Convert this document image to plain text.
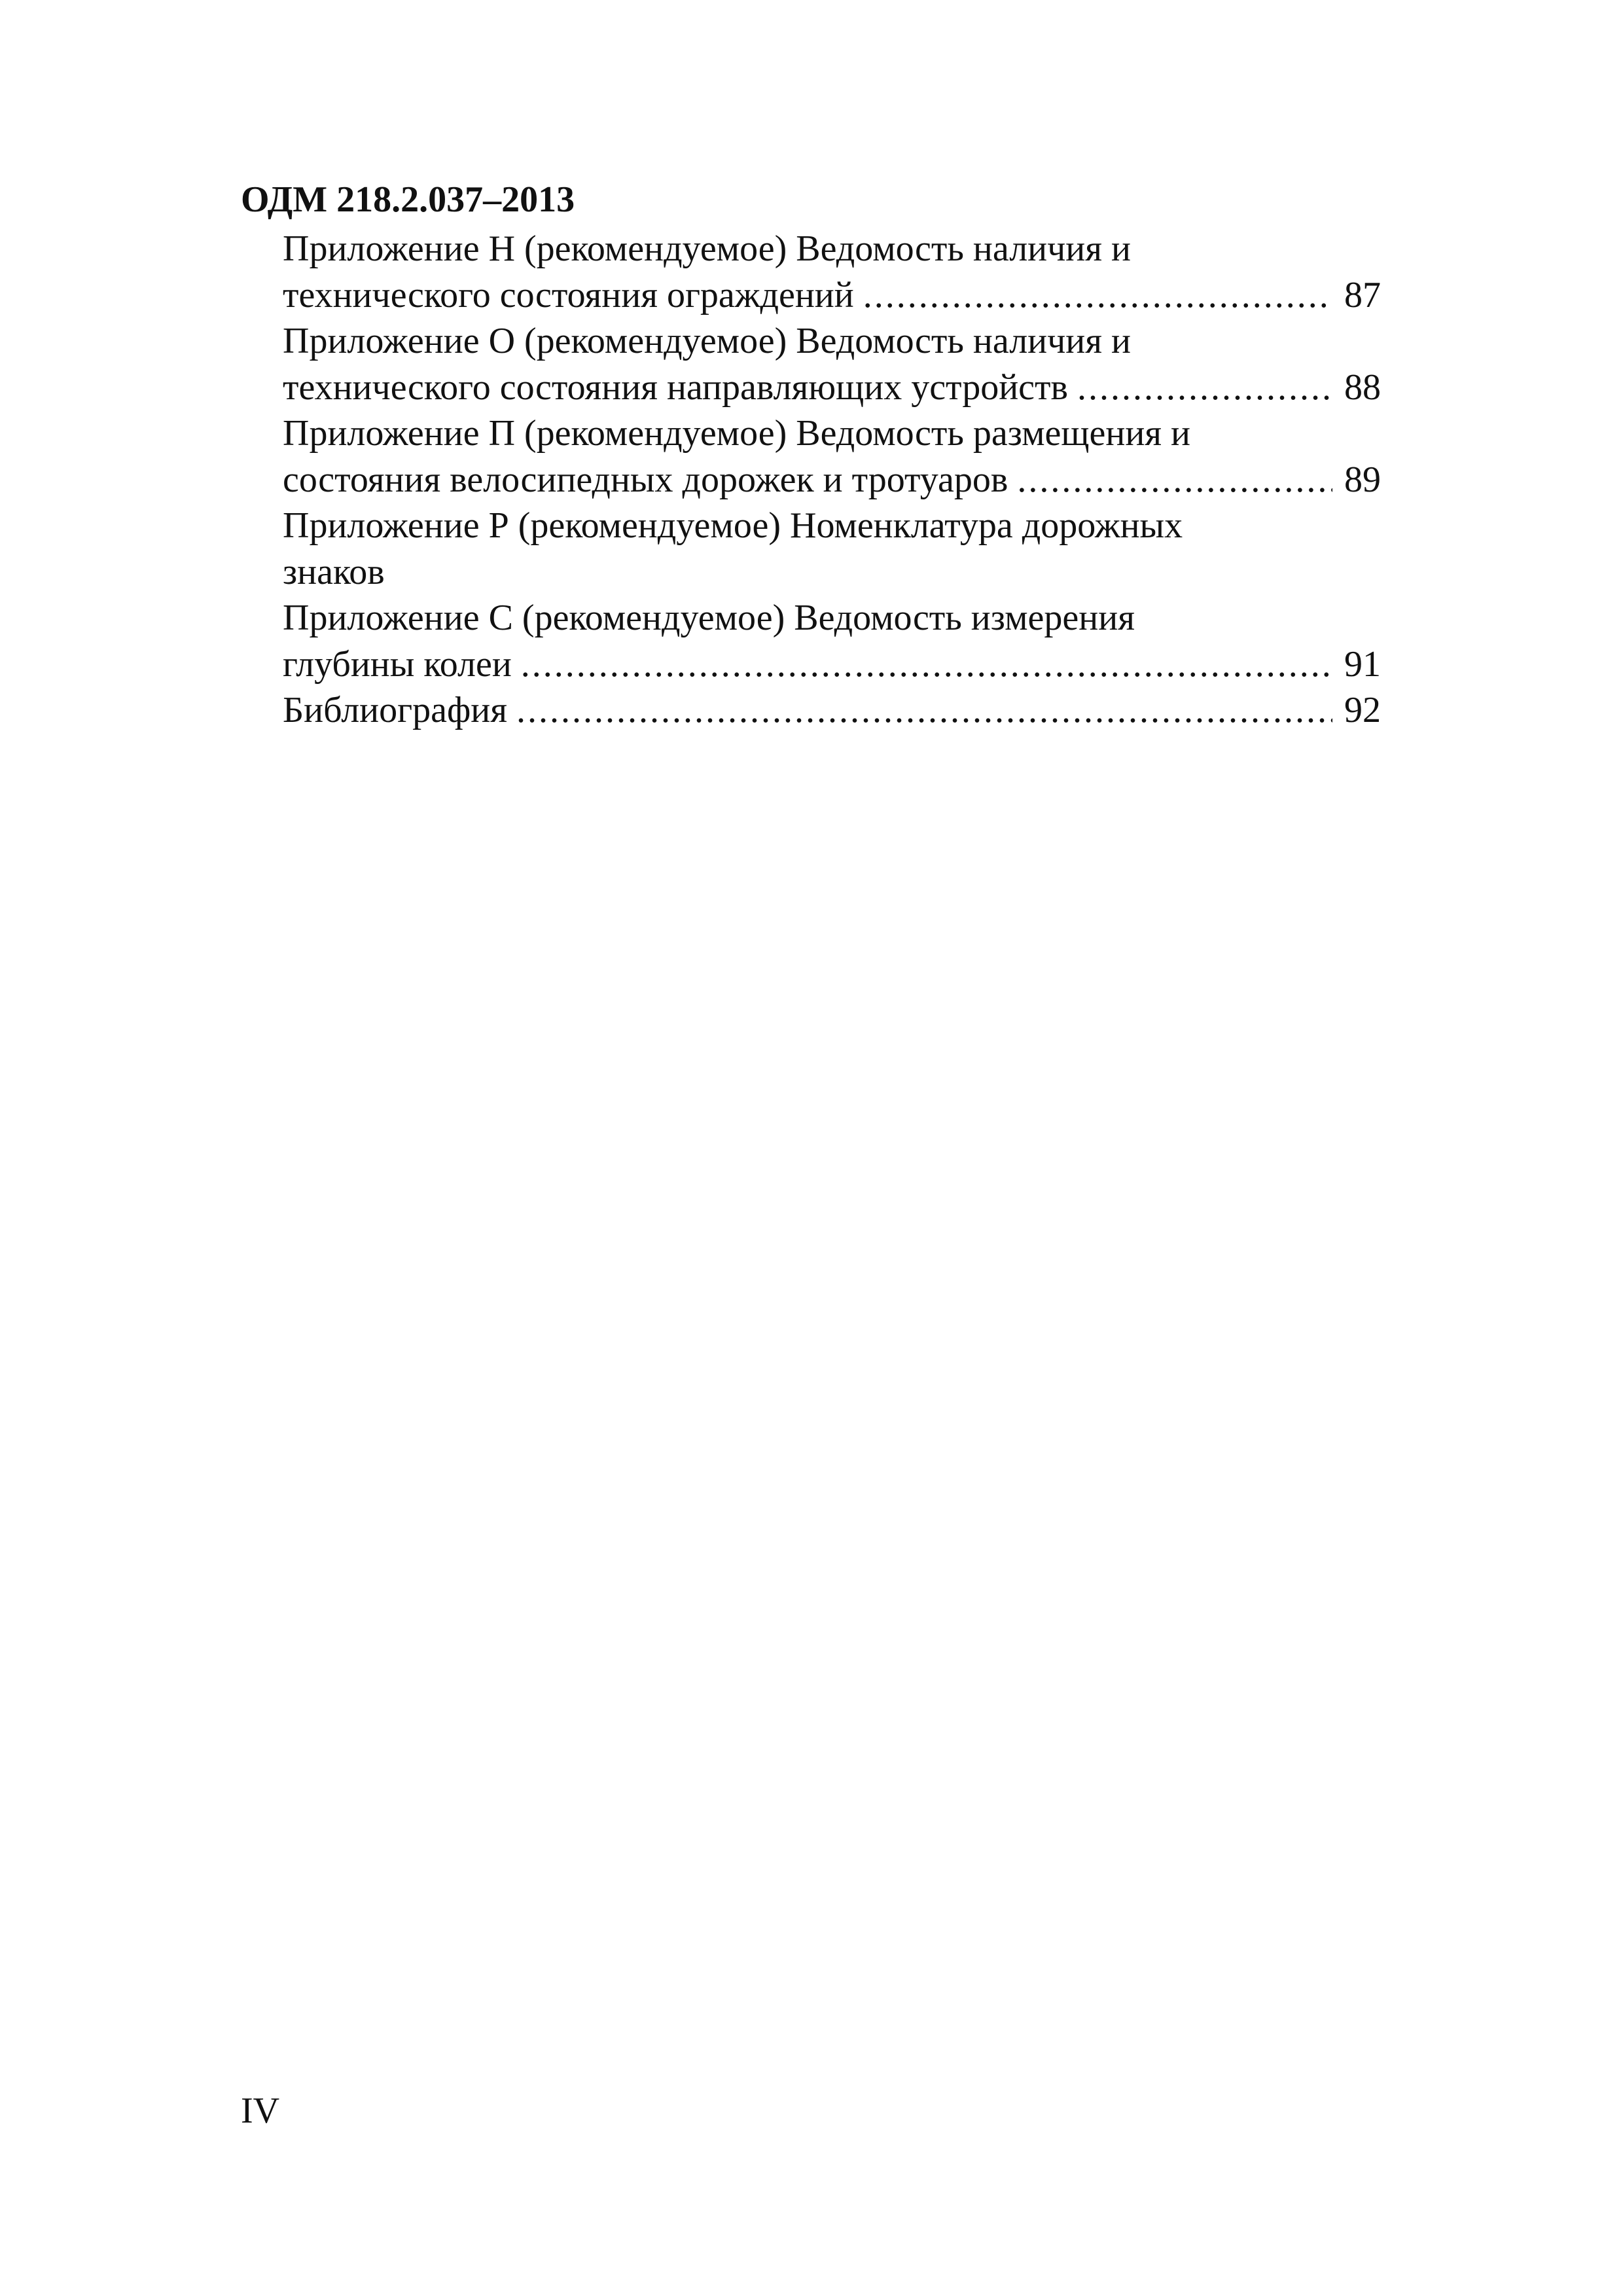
ОДМ 218.2.037–2013
Приложение Н (рекомендуемое) Ведомость наличия и
технического состояния ограждений .....	87
Приложение О (рекомендуемое) Ведомость наличия и
технического состояния направляющих устройств .....	88
Приложение П (рекомендуемое) Ведомость размещения и
состояния велосипедных дорожек и тротуаров .....	89
Приложение Р (рекомендуемое) Номенклатура дорожных
знаков
Приложение С (рекомендуемое) Ведомость измерения
глубины колеи .....	91
Библиография .....	92
IV
